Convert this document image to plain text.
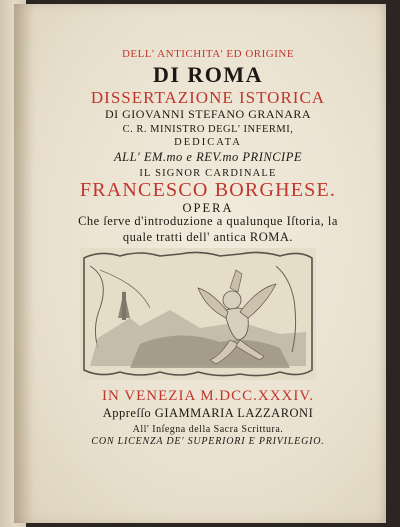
DELL' ANTICHITA' ED ORIGINE
DI ROMA
DISSERTAZIONE ISTORICA
DI GIOVANNI STEFANO GRANARA
C. R. MINISTRO DEGL' INFERMI,
DEDICATA
ALL' EM.mo e REV.mo PRINCIPE
IL SIGNOR CARDINALE
FRANCESCO BORGHESE.
OPERA
Che ſerve d'introduzione a qualunque Iſtoria, la
quale tratti dell' antica ROMA.
IN VENEZIA M.DCC.XXXIV.
Appreſſo GIAMMARIA LAZZARONI
All' Inſegna della Sacra Scrittura.
CON LICENZA DE' SUPERIORI E PRIVILEGIO.
